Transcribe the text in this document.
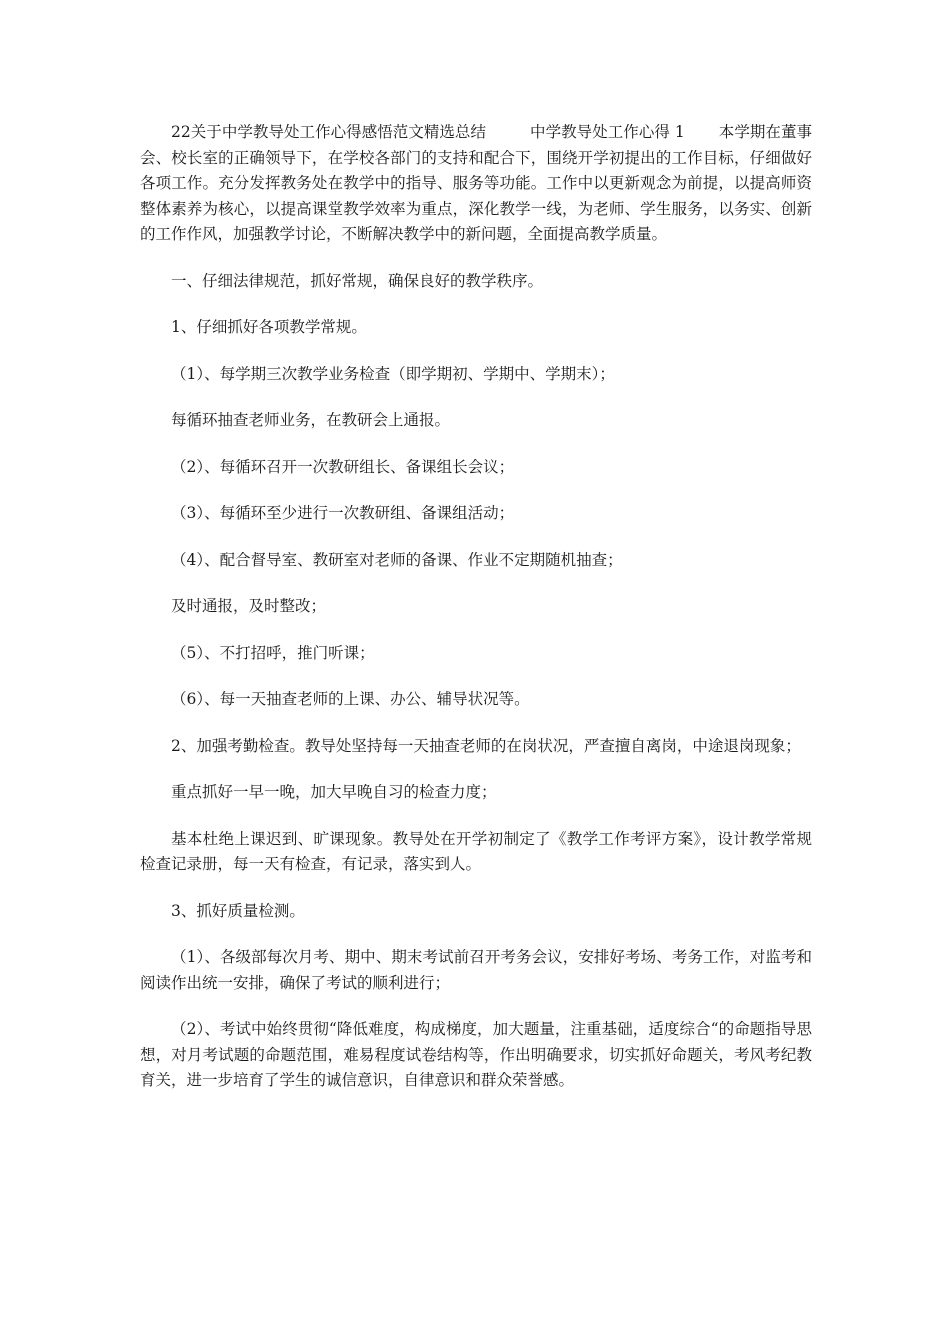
22关于中学教导处工作心得感悟范文精选总结	中学教导处工作心得 1 本学期在董事会、校长室的正确领导下，在学校各部门的支持和配合下，围绕开学初提出的工作目标，仔细做好各项工作。充分发挥教务处在教学中的指导、服务等功能。工作中以更新观念为前提，以提高师资整体素养为核心，以提高课堂教学效率为重点，深化教学一线，为老师、学生服务，以务实、创新的工作作风，加强教学讨论，不断解决教学中的新问题，全面提高教学质量。

一、仔细法律规范，抓好常规，确保良好的教学秩序。

1、仔细抓好各项教学常规。

（1）、每学期三次教学业务检查（即学期初、学期中、学期末）；

每循环抽查老师业务，在教研会上通报。

（2）、每循环召开一次教研组长、备课组长会议；

（3）、每循环至少进行一次教研组、备课组活动；

（4）、配合督导室、教研室对老师的备课、作业不定期随机抽查；

及时通报，及时整改；

（5）、不打招呼，推门听课；

（6）、每一天抽查老师的上课、办公、辅导状况等。

2、加强考勤检查。教导处坚持每一天抽查老师的在岗状况，严查擅自离岗，中途退岗现象；

重点抓好一早一晚，加大早晚自习的检查力度；

基本杜绝上课迟到、旷课现象。教导处在开学初制定了《教学工作考评方案》，设计教学常规检查记录册，每一天有检查，有记录，落实到人。

3、抓好质量检测。

（1）、各级部每次月考、期中、期末考试前召开考务会议，安排好考场、考务工作，对监考和阅读作出统一安排，确保了考试的顺利进行；

（2）、考试中始终贯彻“降低难度，构成梯度，加大题量，注重基础，适度综合“的命题指导思想，对月考试题的命题范围，难易程度试卷结构等，作出明确要求，切实抓好命题关，考风考纪教育关，进一步培育了学生的诚信意识，自律意识和群众荣誉感。
